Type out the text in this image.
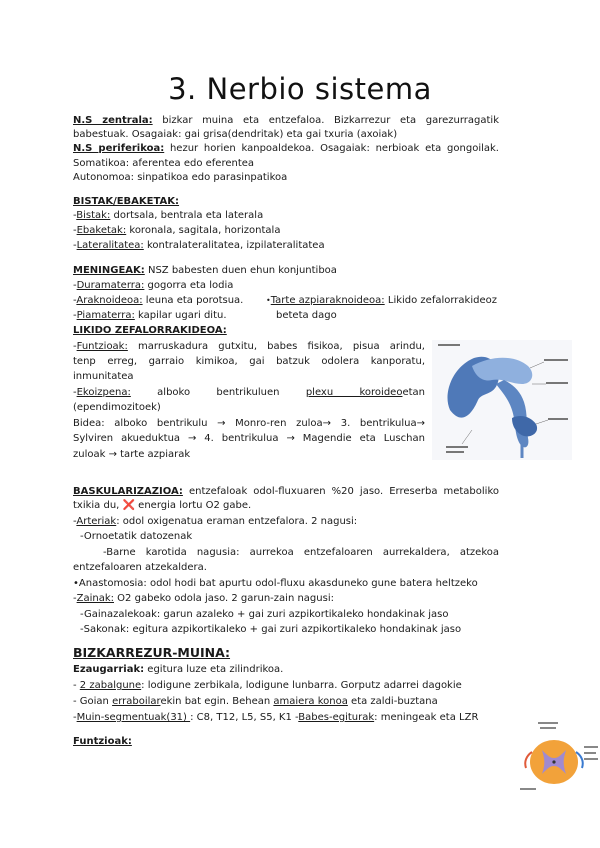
3. Nerbio sistema
N.S zentrala: bizkar muina eta entzefaloa. Bizkarrezur eta garezurragatik
babestuak. Osagaiak: gai grisa(dendritak) eta gai txuria (axoiak)
N.S periferikoa: hezur horien kanpoaldekoa. Osagaiak: nerbioak eta gongoilak.
Somatikoa: aferentea edo eferentea
Autonomoa: sinpatikoa edo parasinpatikoa
BISTAK/EBAKETAK:
-Bistak: dortsala, bentrala eta laterala
-Ebaketak: koronala, sagitala, horizontala
-Lateralitatea: kontralateralitatea, izpilateralitatea
MENINGEAK: NSZ babesten duen ehun konjuntiboa
-Duramaterra: gogorra eta lodia
-Araknoideoa: leuna eta porotsua.	•Tarte azpiaraknoideoa: Likido zefalorrakideoz
-Piamaterra: kapilar ugari ditu.	beteta dago
LIKIDO ZEFALORRAKIDEOA:
-Funtzioak: marruskadura gutxitu, babes fisikoa, pisua arindu,
tenp erreg, garraio kimikoa, gai batzuk odolera kanporatu,
inmunitatea
-Ekoizpena: alboko bentrikuluen plexu koroideoetan
(ependimozitoek)
Bidea: alboko bentrikulu → Monro-ren zuloa→ 3. bentrikulua→
Sylviren akueduktua → 4. bentrikulua → Magendie eta Luschan
zuloak → tarte azpiarak
BASKULARIZAZIOA: entzefaloak odol-fluxuaren %20 jaso. Erreserba metaboliko
txikia du, ❌ energia lortu O2 gabe.
-Arteriak: odol oxigenatua eraman entzefalora. 2 nagusi:
-Ornoetatik datozenak
-Barne karotida nagusia: aurrekoa entzefaloaren aurrekaldera, atzekoa
entzefaloaren atzekaldera.
•Anastomosia: odol hodi bat apurtu odol-fluxu akasduneko gune batera heltzeko
-Zainak: O2 gabeko odola jaso. 2 garun-zain nagusi:
-Gainazalekoak: garun azaleko + gai zuri azpikortikaleko hondakinak jaso
-Sakonak: egitura azpikortikaleko + gai zuri azpikortikaleko hondakinak jaso
BIZKARREZUR-MUINA:
Ezaugarriak: egitura luze eta zilindrikoa.
- 2 zabalgune: lodigune zerbikala, lodigune lunbarra. Gorputz adarrei dagokie
- Goian erraboilarekin bat egin. Behean amaiera konoa eta zaldi-buztana
-Muin-segmentuak(31) : C8, T12, L5, S5, K1 -Babes-egiturak: meningeak eta LZR
Funtzioak:
